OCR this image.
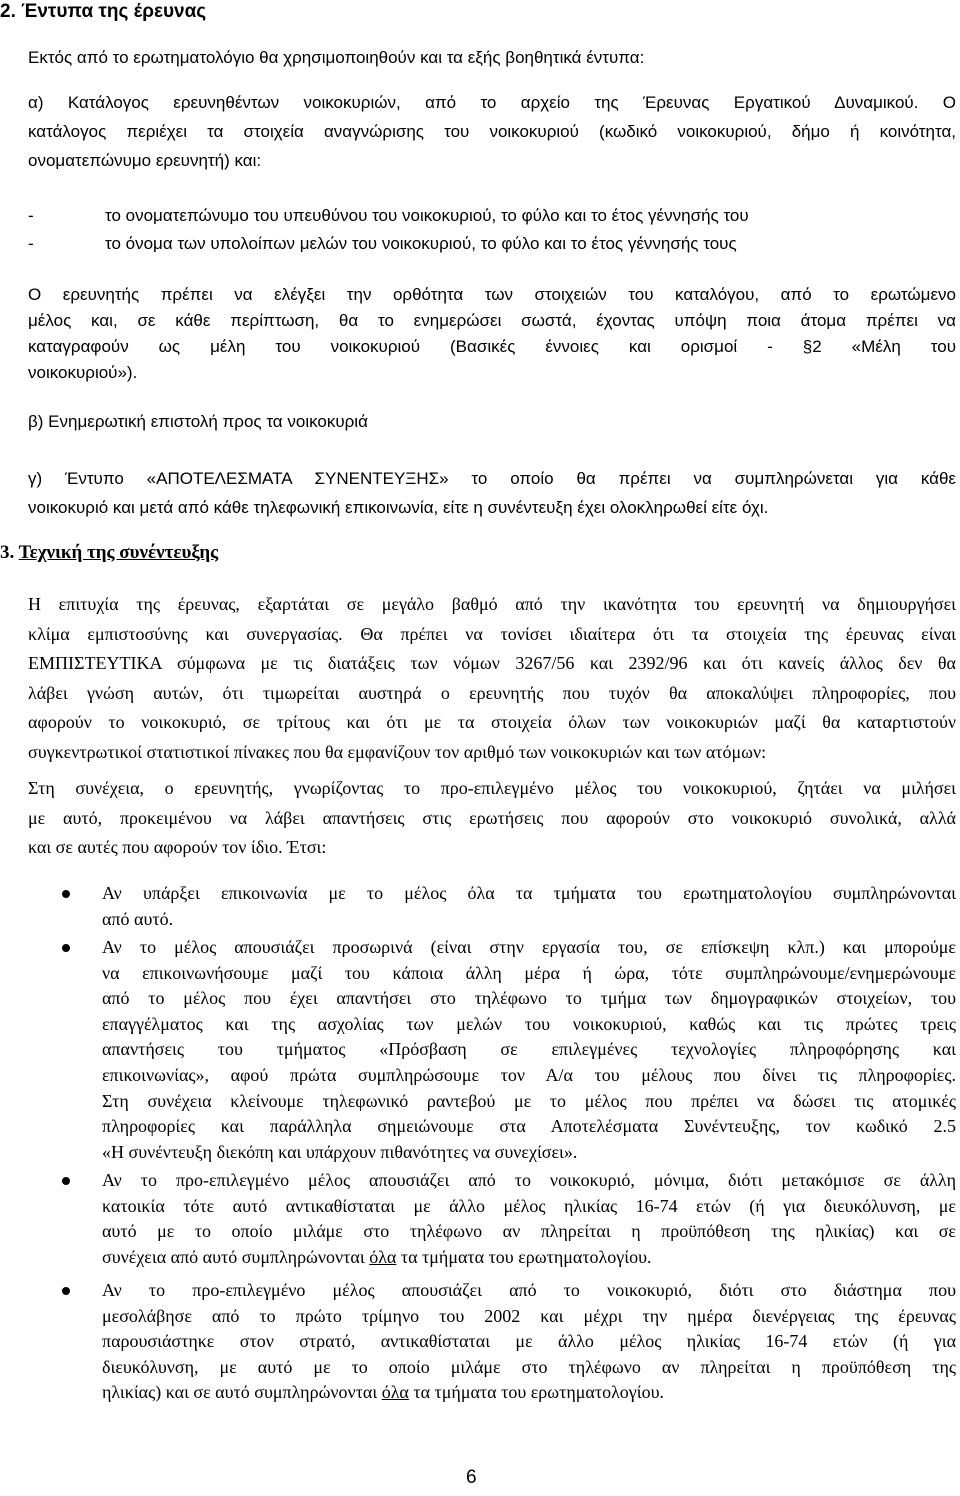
2. Έντυπα της έρευνας
Εκτός από το ερωτηματολόγιο θα χρησιμοποιηθούν και τα εξής βοηθητικά έντυπα:
α) Κατάλογος ερευνηθέντων νοικοκυριών, από το αρχείο της Έρευνας Εργατικού Δυναμικού. Ο
κατάλογος περιέχει τα στοιχεία αναγνώρισης του νοικοκυριού (κωδικό νοικοκυριού, δήμο ή κοινότητα,
ονοματεπώνυμο ερευνητή) και:
-	το ονοματεπώνυμο του υπευθύνου του νοικοκυριού, το φύλο και το έτος γέννησής του
-	το όνομα των υπολοίπων μελών του νοικοκυριού, το φύλο και το έτος γέννησής τους
Ο ερευνητής πρέπει να ελέγξει την ορθότητα των στοιχειών του καταλόγου, από το ερωτώμενο
μέλος και, σε κάθε περίπτωση, θα το ενημερώσει σωστά, έχοντας υπόψη ποια άτομα πρέπει να
καταγραφούν ως μέλη του νοικοκυριού (Βασικές έννοιες και ορισμοί - §2 «Μέλη του
νοικοκυριού»).
β) Ενημερωτική επιστολή προς τα νοικοκυριά
γ) Έντυπο «ΑΠΟΤΕΛΕΣΜΑΤΑ ΣΥΝΕΝΤΕΥΞΗΣ» το οποίο θα πρέπει να συμπληρώνεται για κάθε
νοικοκυριό και μετά από κάθε τηλεφωνική επικοινωνία, είτε η συνέντευξη έχει ολοκληρωθεί είτε όχι.
3. Τεχνική της συνέντευξης
Η επιτυχία της έρευνας, εξαρτάται σε μεγάλο βαθμό από την ικανότητα του ερευνητή να δημιουργήσει
κλίμα εμπιστοσύνης και συνεργασίας. Θα πρέπει να τονίσει ιδιαίτερα ότι τα στοιχεία της έρευνας είναι
ΕΜΠΙΣΤΕΥΤΙΚΑ σύμφωνα με τις διατάξεις των νόμων 3267/56 και 2392/96 και ότι κανείς άλλος δεν θα
λάβει γνώση αυτών, ότι τιμωρείται αυστηρά ο ερευνητής που τυχόν θα αποκαλύψει πληροφορίες, που
αφορούν το νοικοκυριό, σε τρίτους και ότι με τα στοιχεία όλων των νοικοκυριών μαζί θα καταρτιστούν
συγκεντρωτικοί στατιστικοί πίνακες που θα εμφανίζουν τον αριθμό των νοικοκυριών και των ατόμων:
Στη συνέχεια, ο ερευνητής, γνωρίζοντας το προ-επιλεγμένο μέλος του νοικοκυριού, ζητάει να μιλήσει
με αυτό, προκειμένου να λάβει απαντήσεις στις ερωτήσεις που αφορούν στο νοικοκυριό συνολικά, αλλά
και σε αυτές που αφορούν τον ίδιο. Έτσι:
Αν υπάρξει επικοινωνία με το μέλος όλα τα τμήματα του ερωτηματολογίου συμπληρώνονται
από αυτό.
Αν το μέλος απουσιάζει προσωρινά (είναι στην εργασία του, σε επίσκεψη κλπ.) και μπορούμε
να επικοινωνήσουμε μαζί του κάποια άλλη μέρα ή ώρα, τότε συμπληρώνουμε/ενημερώνουμε
από το μέλος που έχει απαντήσει στο τηλέφωνο το τμήμα των δημογραφικών στοιχείων, του
επαγγέλματος και της ασχολίας των μελών του νοικοκυριού, καθώς και τις πρώτες τρεις
απαντήσεις του τμήματος «Πρόσβαση σε επιλεγμένες τεχνολογίες πληροφόρησης και
επικοινωνίας», αφού πρώτα συμπληρώσουμε τον Α/α του μέλους που δίνει τις πληροφορίες.
Στη συνέχεια κλείνουμε τηλεφωνικό ραντεβού με το μέλος που πρέπει να δώσει τις ατομικές
πληροφορίες και παράλληλα σημειώνουμε στα Αποτελέσματα Συνέντευξης, τον κωδικό 2.5
«Η συνέντευξη διεκόπη και υπάρχουν πιθανότητες να συνεχίσει».
Αν το προ-επιλεγμένο μέλος απουσιάζει από το νοικοκυριό, μόνιμα, διότι μετακόμισε σε άλλη
κατοικία τότε αυτό αντικαθίσταται με άλλο μέλος ηλικίας 16-74 ετών (ή για διευκόλυνση, με
αυτό με το οποίο μιλάμε στο τηλέφωνο αν πληρείται η προϋπόθεση της ηλικίας) και σε
συνέχεια από αυτό συμπληρώνονται όλα τα τμήματα του ερωτηματολογίου.
Αν το προ-επιλεγμένο μέλος απουσιάζει από το νοικοκυριό, διότι στο διάστημα που
μεσολάβησε από το πρώτο τρίμηνο του 2002 και μέχρι την ημέρα διενέργειας της έρευνας
παρουσιάστηκε στον στρατό, αντικαθίσταται με άλλο μέλος ηλικίας 16-74 ετών (ή για
διευκόλυνση, με αυτό με το οποίο μιλάμε στο τηλέφωνο αν πληρείται η προϋπόθεση της
ηλικίας) και σε αυτό συμπληρώνονται όλα τα τμήματα του ερωτηματολογίου.
6
